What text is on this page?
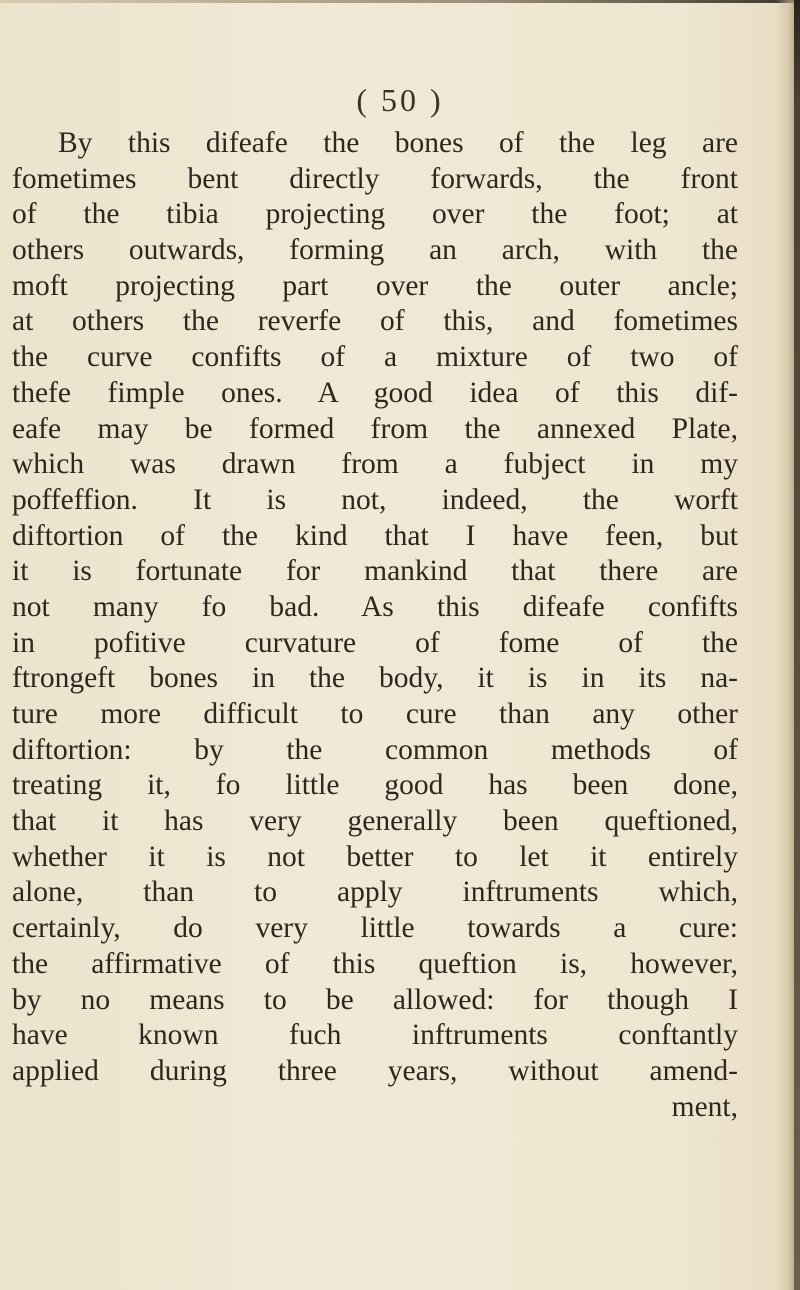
( 50 )
By this difeafe the bones of the leg are
fometimes bent directly forwards, the front
of the tibia projecting over the foot; at
others outwards, forming an arch, with the
moft projecting part over the outer ancle;
at others the reverfe of this, and fometimes
the curve confifts of a mixture of two of
thefe fimple ones. A good idea of this dif-
eafe may be formed from the annexed Plate,
which was drawn from a fubject in my
poffeffion. It is not, indeed, the worft
diftortion of the kind that I have feen, but
it is fortunate for mankind that there are
not many fo bad. As this difeafe confifts
in pofitive curvature of fome of the
ftrongeft bones in the body, it is in its na-
ture more difficult to cure than any other
diftortion: by the common methods of
treating it, fo little good has been done,
that it has very generally been queftioned,
whether it is not better to let it entirely
alone, than to apply inftruments which,
certainly, do very little towards a cure:
the affirmative of this queftion is, however,
by no means to be allowed: for though I
have known fuch inftruments conftantly
applied during three years, without amend-
ment,
